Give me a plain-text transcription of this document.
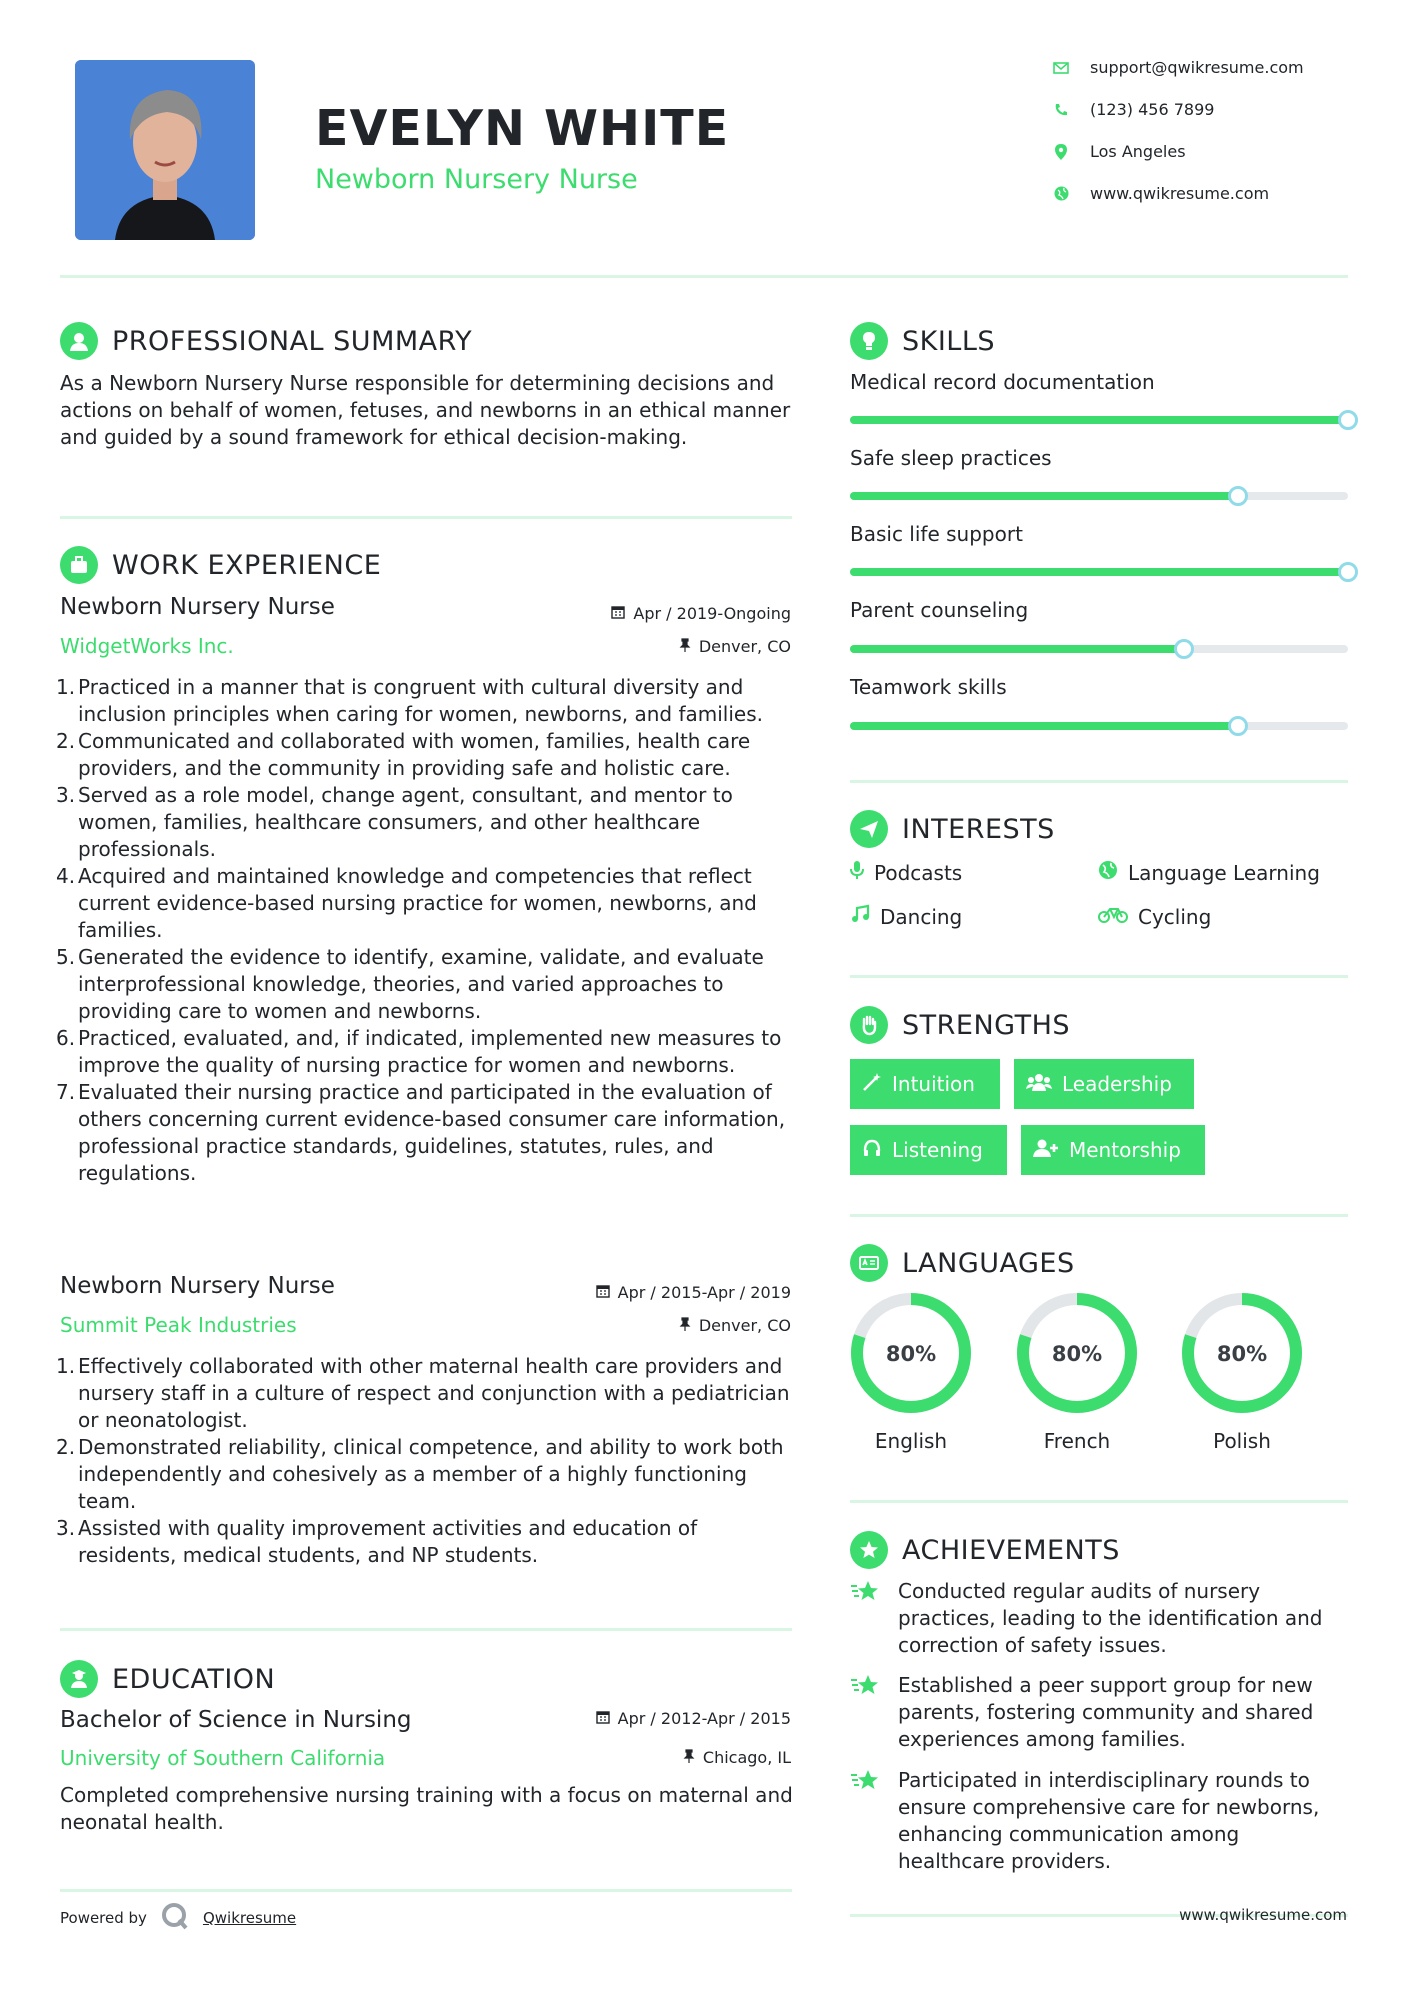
EVELYN WHITE
Newborn Nursery Nurse
support@qwikresume.com
(123) 456 7899
Los Angeles
www.qwikresume.com
PROFESSIONAL SUMMARY
As a Newborn Nursery Nurse responsible for determining decisions and actions on behalf of women, fetuses, and newborns in an ethical manner and guided by a sound framework for ethical decision-making.
WORK EXPERIENCE
Newborn Nursery Nurse	Apr / 2019-Ongoing
WidgetWorks Inc.	Denver, CO
1. Practiced in a manner that is congruent with cultural diversity and inclusion principles when caring for women, newborns, and families.
2. Communicated and collaborated with women, families, health care providers, and the community in providing safe and holistic care.
3. Served as a role model, change agent, consultant, and mentor to women, families, healthcare consumers, and other healthcare professionals.
4. Acquired and maintained knowledge and competencies that reflect current evidence-based nursing practice for women, newborns, and families.
5. Generated the evidence to identify, examine, validate, and evaluate interprofessional knowledge, theories, and varied approaches to providing care to women and newborns.
6. Practiced, evaluated, and, if indicated, implemented new measures to improve the quality of nursing practice for women and newborns.
7. Evaluated their nursing practice and participated in the evaluation of others concerning current evidence-based consumer care information, professional practice standards, guidelines, statutes, rules, and regulations.
Newborn Nursery Nurse	Apr / 2015-Apr / 2019
Summit Peak Industries	Denver, CO
1. Effectively collaborated with other maternal health care providers and nursery staff in a culture of respect and conjunction with a pediatrician or neonatologist.
2. Demonstrated reliability, clinical competence, and ability to work both independently and cohesively as a member of a highly functioning team.
3. Assisted with quality improvement activities and education of residents, medical students, and NP students.
EDUCATION
Bachelor of Science in Nursing	Apr / 2012-Apr / 2015
University of Southern California	Chicago, IL
Completed comprehensive nursing training with a focus on maternal and neonatal health.
Powered by	Qwikresume
SKILLS
Medical record documentation
Safe sleep practices
Basic life support
Parent counseling
Teamwork skills
INTERESTS
Podcasts	Language Learning
Dancing	Cycling
STRENGTHS
Intuition	Leadership
Listening	Mentorship
LANGUAGES
80%
English
80%
French
80%
Polish
ACHIEVEMENTS
Conducted regular audits of nursery practices, leading to the identification and correction of safety issues.
Established a peer support group for new parents, fostering community and shared experiences among families.
Participated in interdisciplinary rounds to ensure comprehensive care for newborns, enhancing communication among healthcare providers.
www.qwikresume.com
